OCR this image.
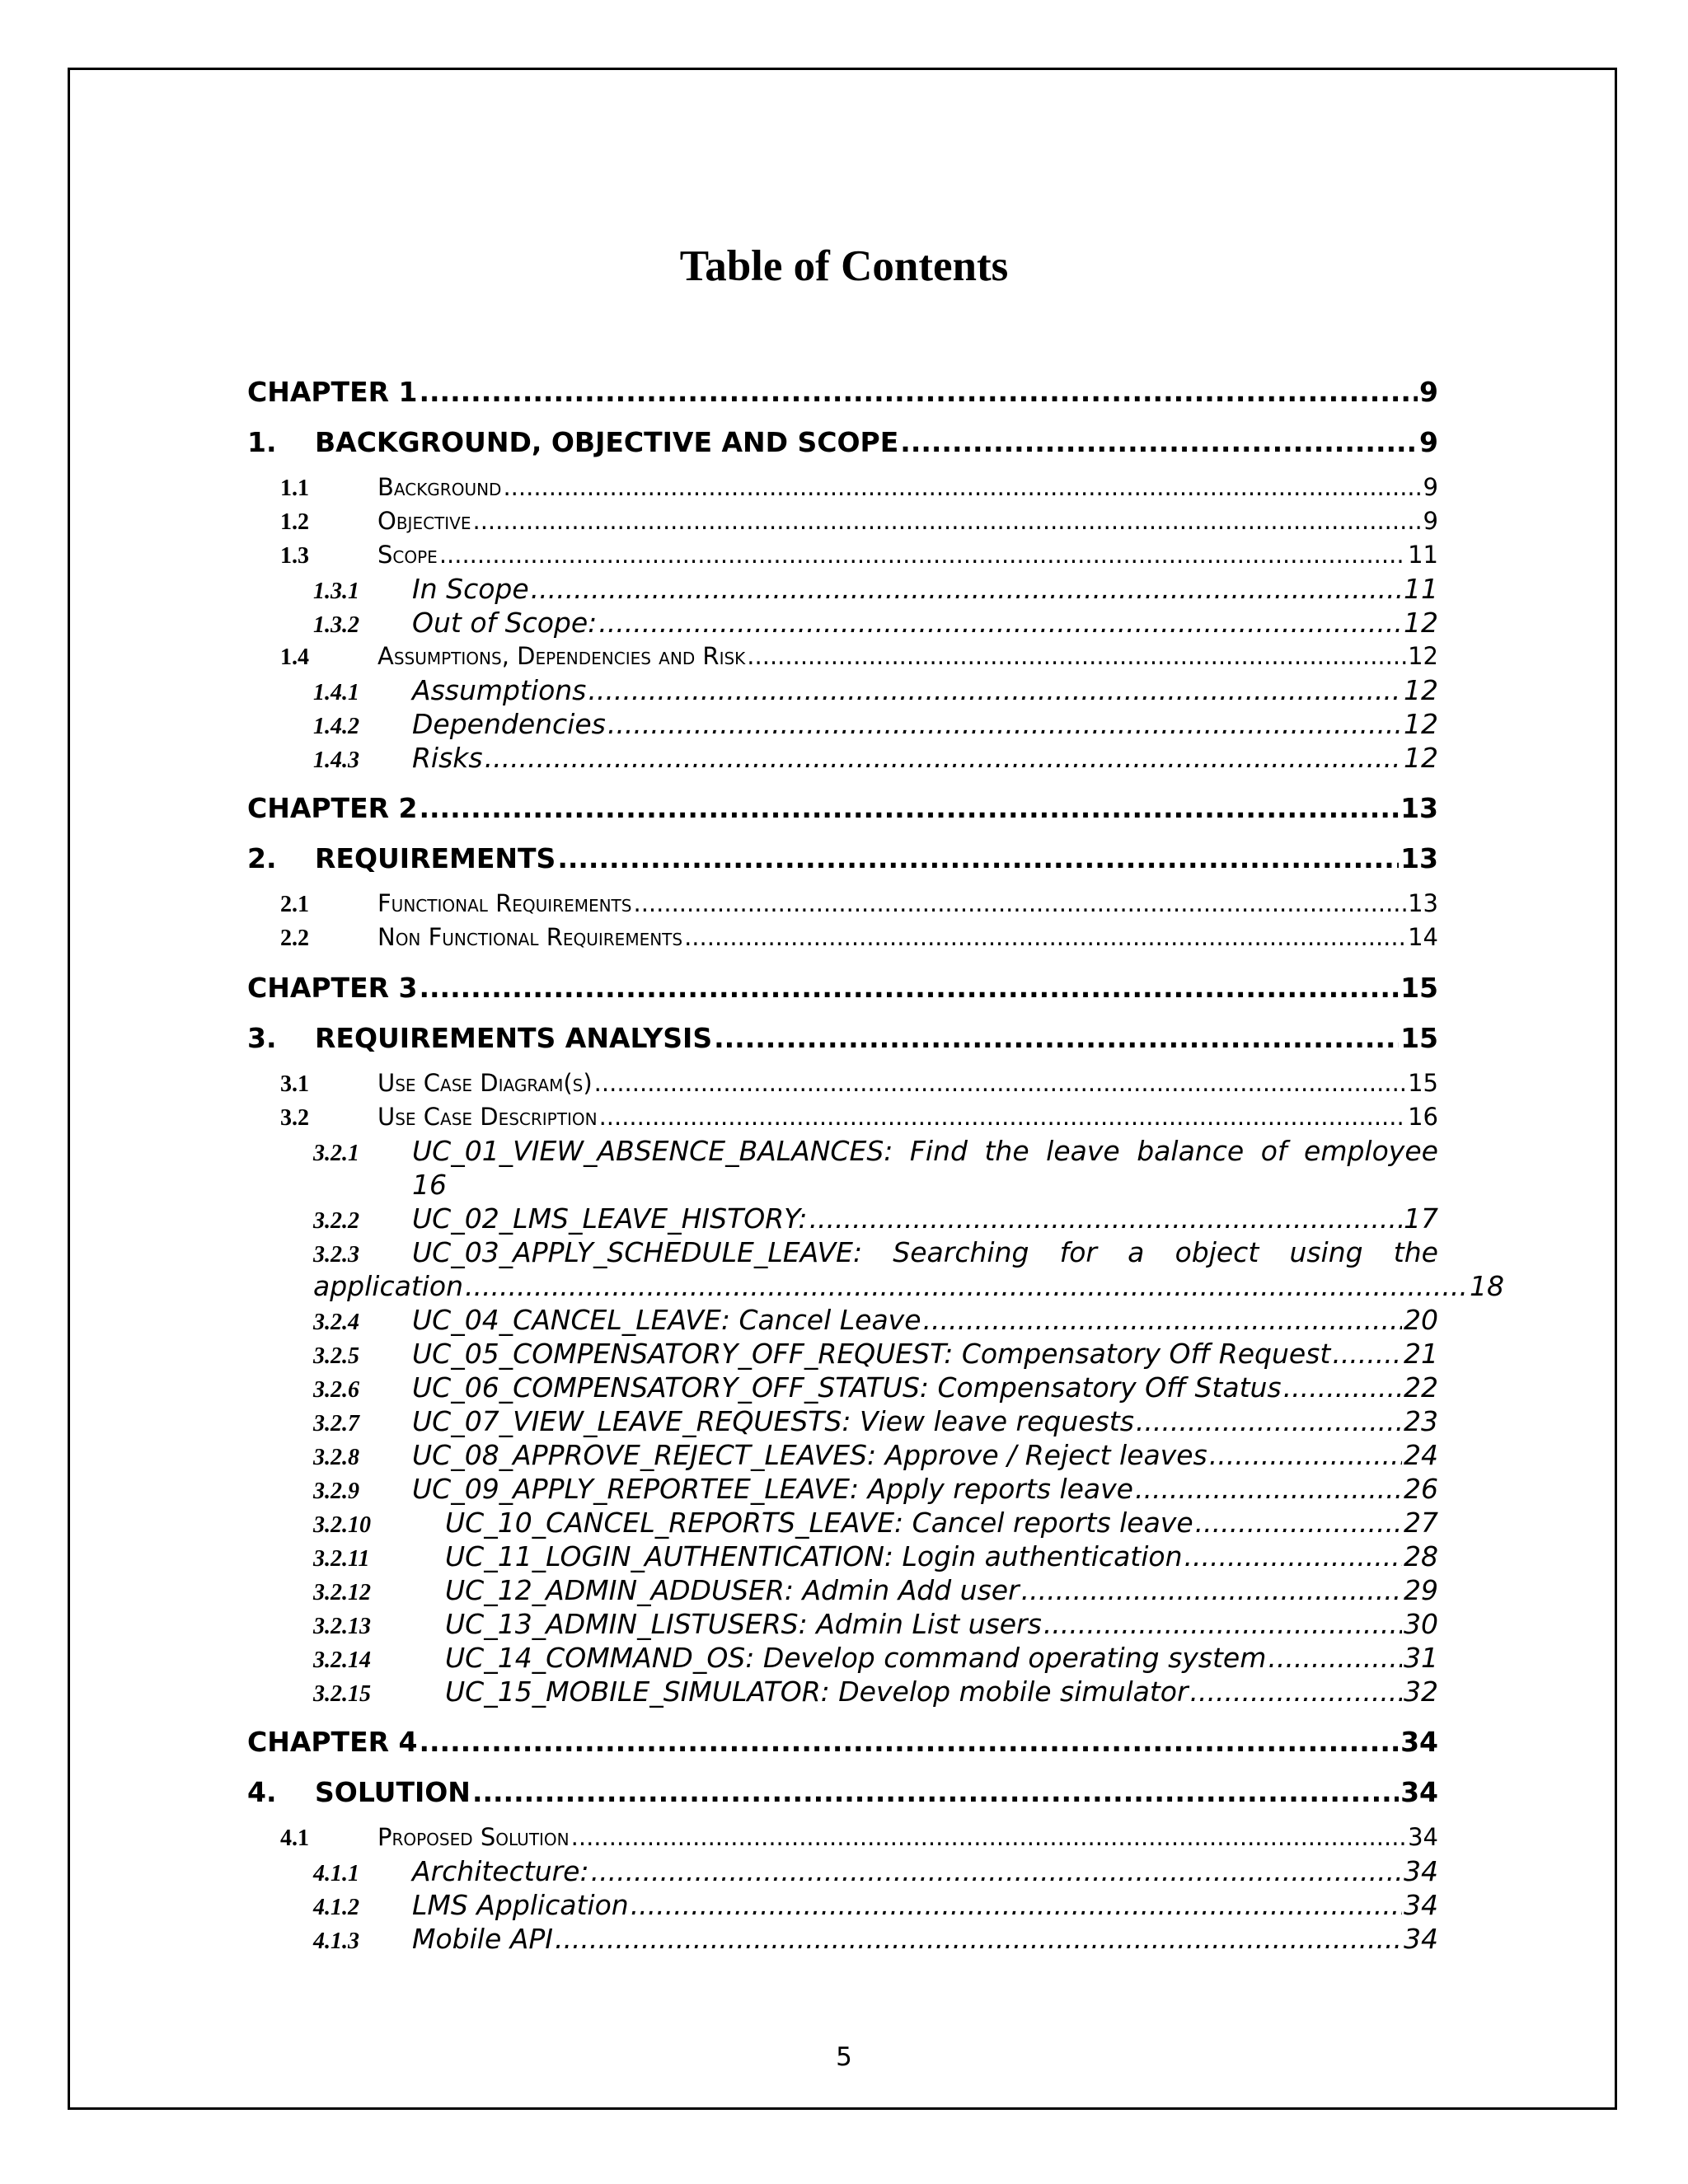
Table of Contents
CHAPTER 1 .....	9
1. BACKGROUND, OBJECTIVE AND SCOPE .....	9
1.1	Background .....	9
1.2	Objective .....	9
1.3	Scope .....	11
1.3.1 In Scope .....	11
1.3.2 Out of Scope: .....	12
1.4	Assumptions, Dependencies and Risk .....	12
1.4.1 Assumptions .....	12
1.4.2 Dependencies .....	12
1.4.3 Risks .....	12
CHAPTER 2 .....	13
2. REQUIREMENTS .....	13
2.1	Functional Requirements .....	13
2.2	Non Functional Requirements .....	14
CHAPTER 3 .....	15
3. REQUIREMENTS ANALYSIS .....	15
3.1	Use Case Diagram(s) .....	15
3.2	Use Case Description .....	16
3.2.1	UC_01_VIEW_ABSENCE_BALANCES: Find the leave balance of employee
16
3.2.2 UC_02_LMS_LEAVE_HISTORY: .....	17
3.2.3	UC_03_APPLY_SCHEDULE_LEAVE: Searching for a object using the
application .....	18
3.2.4 UC_04_CANCEL_LEAVE: Cancel Leave .....	20
3.2.5 UC_05_COMPENSATORY_OFF_REQUEST: Compensatory Off Request .....	21
3.2.6 UC_06_COMPENSATORY_OFF_STATUS: Compensatory Off Status .....	22
3.2.7 UC_07_VIEW_LEAVE_REQUESTS: View leave requests .....	23
3.2.8 UC_08_APPROVE_REJECT_LEAVES: Approve / Reject leaves .....	24
3.2.9 UC_09_APPLY_REPORTEE_LEAVE: Apply reports leave .....	26
3.2.10	UC_10_CANCEL_REPORTS_LEAVE: Cancel reports leave .....	27
3.2.11	UC_11_LOGIN_AUTHENTICATION: Login authentication .....	28
3.2.12	UC_12_ADMIN_ADDUSER: Admin Add user .....	29
3.2.13	UC_13_ADMIN_LISTUSERS: Admin List users .....	30
3.2.14	UC_14_COMMAND_OS: Develop command operating system .....	31
3.2.15	UC_15_MOBILE_SIMULATOR: Develop mobile simulator .....	32
CHAPTER 4 .....	34
4. SOLUTION .....	34
4.1	Proposed Solution .....	34
4.1.1 Architecture: .....	34
4.1.2 LMS Application .....	34
4.1.3 Mobile API .....	34
5
